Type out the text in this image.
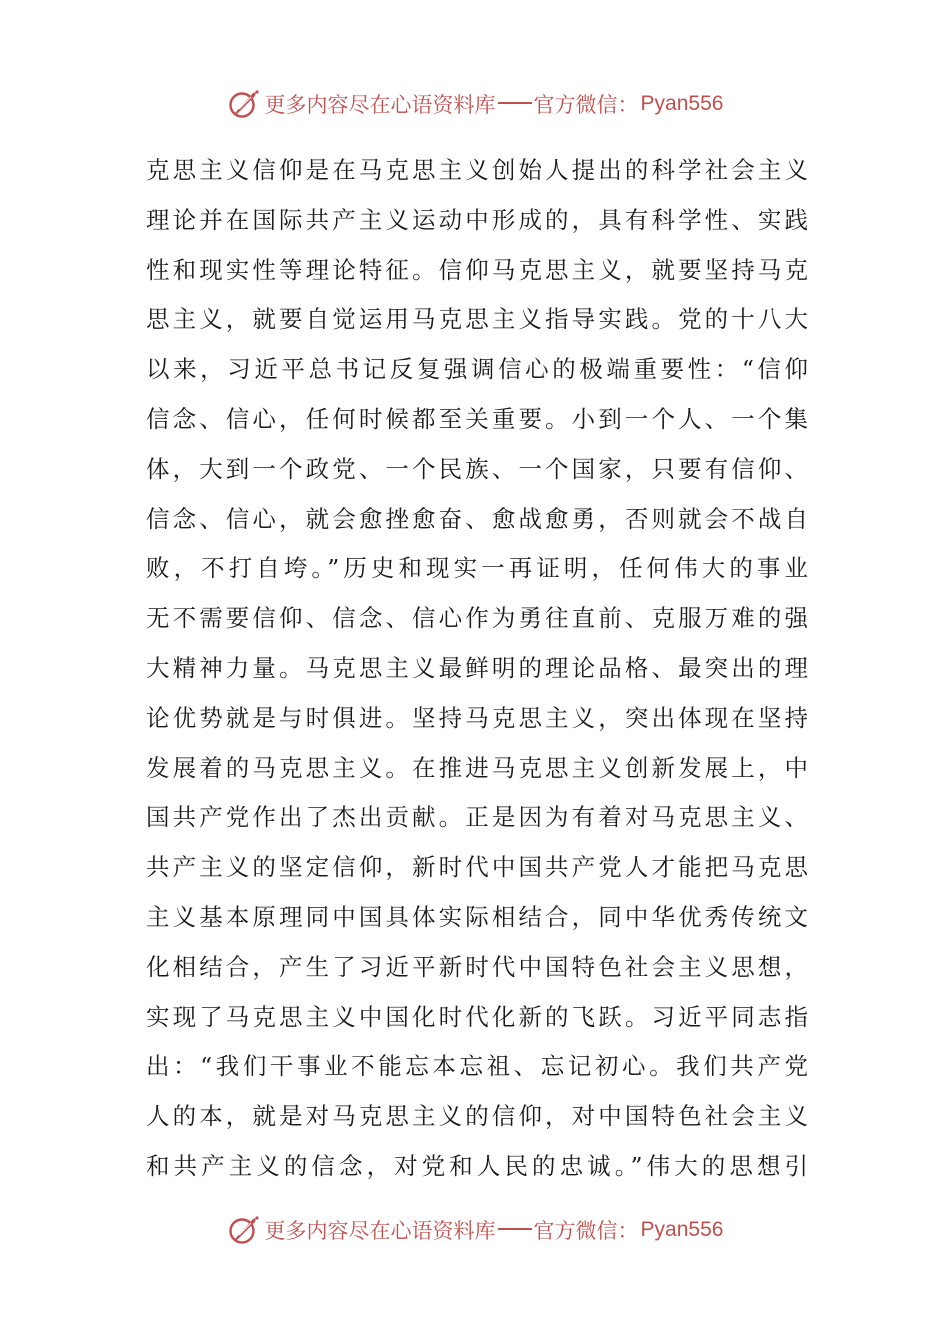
更多内容尽在心语资料库 官方微信： Pyan556
克思主义信仰是在马克思主义创始人提出的科学社会主义
理论并在国际共产主义运动中形成的，具有科学性、实践
性和现实性等理论特征。信仰马克思主义，就要坚持马克
思主义，就要自觉运用马克思主义指导实践。党的十八大
以来，习近平总书记反复强调信心的极端重要性：“信仰
信念、信心，任何时候都至关重要。小到一个人、一个集
体，大到一个政党、一个民族、一个国家，只要有信仰、
信念、信心，就会愈挫愈奋、愈战愈勇，否则就会不战自
败，不打自垮。”历史和现实一再证明，任何伟大的事业
无不需要信仰、信念、信心作为勇往直前、克服万难的强
大精神力量。马克思主义最鲜明的理论品格、最突出的理
论优势就是与时俱进。坚持马克思主义，突出体现在坚持
发展着的马克思主义。在推进马克思主义创新发展上，中
国共产党作出了杰出贡献。正是因为有着对马克思主义、
共产主义的坚定信仰，新时代中国共产党人才能把马克思
主义基本原理同中国具体实际相结合，同中华优秀传统文
化相结合，产生了习近平新时代中国特色社会主义思想，
实现了马克思主义中国化时代化新的飞跃。习近平同志指
出：“我们干事业不能忘本忘祖、忘记初心。我们共产党
人的本，就是对马克思主义的信仰，对中国特色社会主义
和共产主义的信念，对党和人民的忠诚。”伟大的思想引
更多内容尽在心语资料库 官方微信： Pyan556
